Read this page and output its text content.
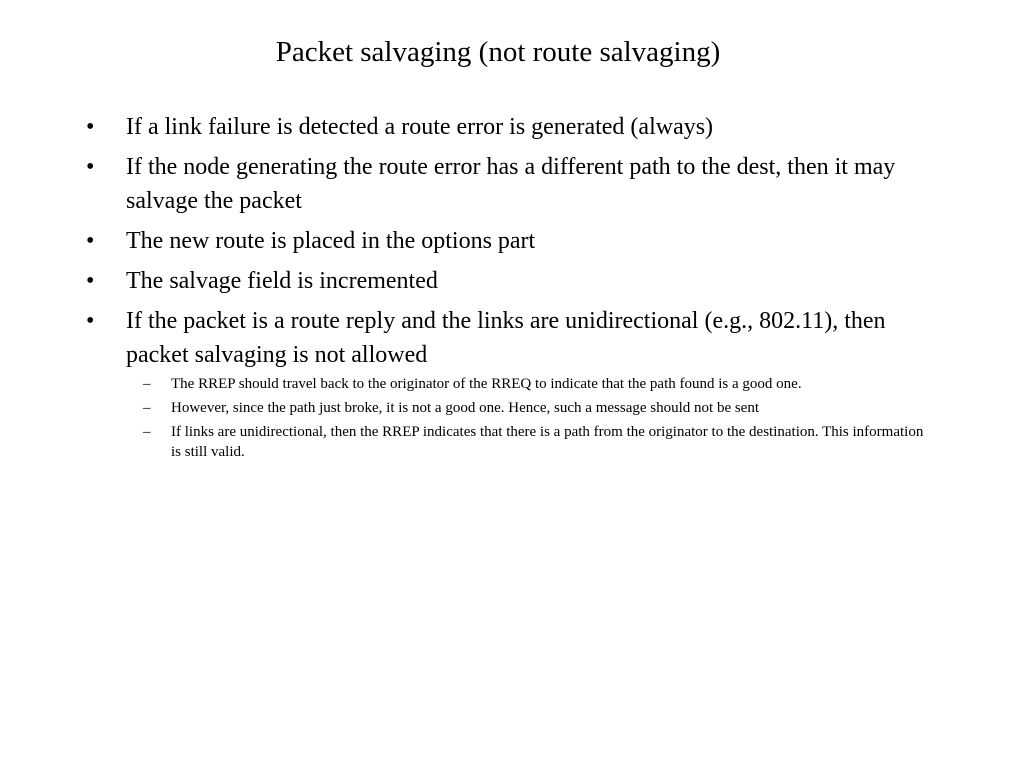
Packet salvaging (not route salvaging)
•	If a link failure is detected a route error is generated (always)
•	If the node generating the route error has a different path to the dest, then it may salvage the packet
•	The new route is placed in the options part
•	The salvage field is incremented
•	If the packet is a route reply and the links are unidirectional (e.g., 802.11), then packet salvaging is not allowed
– The RREP should travel back to the originator of the RREQ to indicate that the path found is a good one.
– However, since the path just broke, it is not a good one. Hence, such a message should not be sent
– If links are unidirectional, then the RREP indicates that there is a path from the originator to the destination. This information is still valid.
